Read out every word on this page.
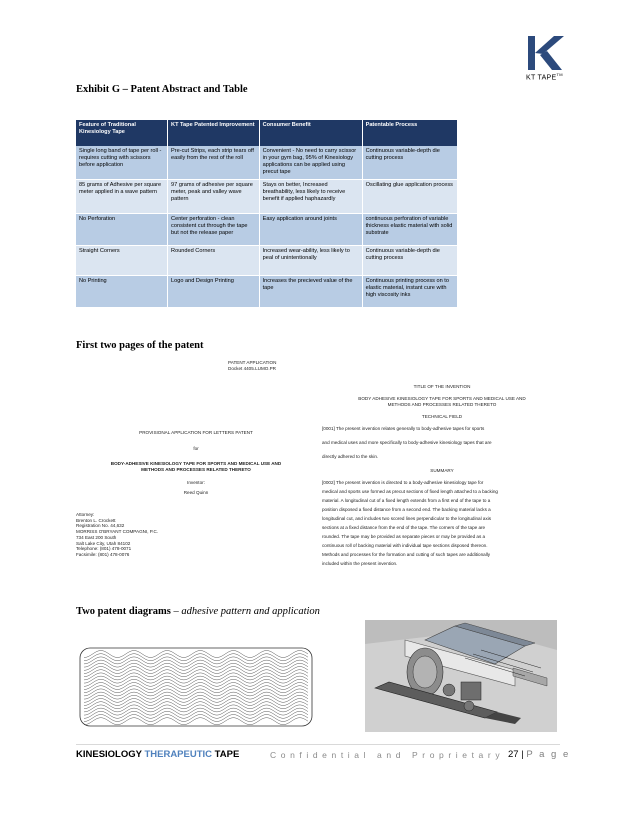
KT TAPE™
Exhibit G – Patent Abstract and Table
Feature of Traditional Kinesiology Tape	KT Tape Patented Improvement	Consumer Benefit	Patentable Process
Single long band of tape per roll - requires cutting with scissors before application	Pre-cut Strips, each strip tears off easily from the rest of the roll	Convenient - No need to carry scissor in your gym bag, 95% of Kinesiology applications can be applied using precut tape	Continuous variable-depth die cutting process
85 grams of Adhesive per square meter applied in a wave pattern	97 grams of adhesive per square meter, peak and valley wave pattern	Stays on better, Increased breathability, less likely to receive benefit if applied haphazardly	Oscillating glue application process
No Perforation	Center perforation - clean consistent cut through the tape but not the release paper	Easy application around joints	continuous perforation of variable thickness elastic material with solid substrate
Straight Corners	Rounded Corners	Increased wear-ability, less likely to peal of unintentionally	Continuous variable-depth die cutting process
No Printing	Logo and Design Printing	Increases the precieved value of the tape	Continuous printing process on to elastic material, instant cure with high viscosity inks
First two pages of the patent
PATENT APPLICATION
Docket 4405.LUMO.PR
PROVISIONAL APPLICATION FOR LETTERS PATENT
for
BODY-ADHESIVE KINESIOLOGY TAPE FOR SPORTS AND MEDICAL USE AND
METHODS AND PROCESSES RELATED THERETO
Inventor:
Reed Quinn
Attorney:
Brenton L. Crockett
Registration No. 44,632
MORRISS O'BRYANT COMPAGNI, P.C.
734 East 200 South
Salt Lake City, Utah 84102
Telephone: (801) 478-0071
Facsimile: (801) 478-0076
TITLE OF THE INVENTION
BODY ADHESIVE KINESIOLOGY TAPE FOR SPORTS AND MEDICAL USE AND
METHODS AND PROCESSES RELATED THERETO
TECHNICAL FIELD
[0001] The present invention relates generally to body-adhesive tapes for sports
and medical uses and more specifically to body-adhesive kinesiology tapes that are
directly adhered to the skin.
SUMMARY
[0002] The present invention is directed to a body-adhesive kinesiology tape for
medical and sports use formed as precut sections of fixed length attached to a backing
material. A longitudinal cut of a fixed length extends from a first end of the tape to a
position disposed a fixed distance from a second end. The backing material lacks a
longitudinal cut, and includes two scored lines perpendicular to the longitudinal axis
sections at a fixed distance from the end of the tape. The corners of the tape are
rounded. The tape may be provided as separate pieces or may be provided as a
continuous roll of backing material with individual tape sections disposed thereon.
Methods and processes for the formation and cutting of such tapes are additionally
included within the present invention.
Two patent diagrams – adhesive pattern and application
KINESIOLOGY THERAPEUTIC TAPE	Confidential and Proprietary 27 | P a g e
